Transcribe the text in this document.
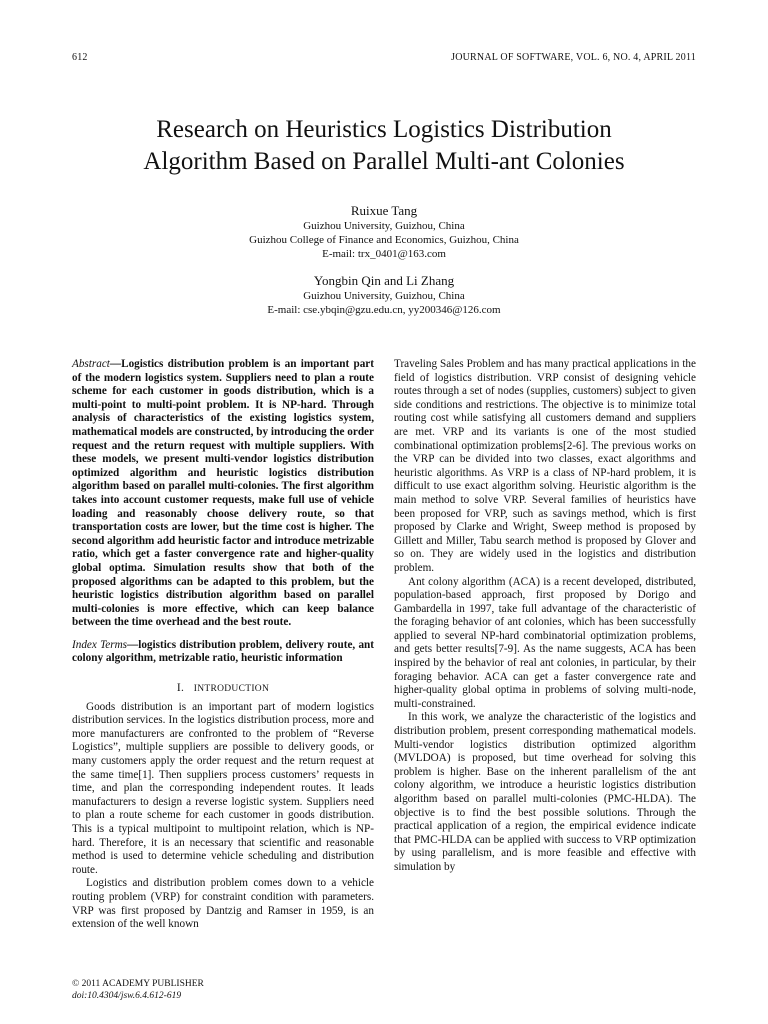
612	JOURNAL OF SOFTWARE, VOL. 6, NO. 4, APRIL 2011
Research on Heuristics Logistics Distribution
Algorithm Based on Parallel Multi-ant Colonies
Ruixue Tang
Guizhou University, Guizhou, China
Guizhou College of Finance and Economics, Guizhou, China
E-mail: trx_0401@163.com
Yongbin Qin and Li Zhang
Guizhou University, Guizhou, China
E-mail: cse.ybqin@gzu.edu.cn, yy200346@126.com
Abstract—Logistics distribution problem is an important part of the modern logistics system. Suppliers need to plan a route scheme for each customer in goods distribution, which is a multi-point to multi-point problem. It is NP-hard. Through analysis of characteristics of the existing logistics system, mathematical models are constructed, by introducing the order request and the return request with multiple suppliers. With these models, we present multi-vendor logistics distribution optimized algorithm and heuristic logistics distribution algorithm based on parallel multi-colonies. The first algorithm takes into account customer requests, make full use of vehicle loading and reasonably choose delivery route, so that transportation costs are lower, but the time cost is higher. The second algorithm add heuristic factor and introduce metrizable ratio, which get a faster convergence rate and higher-quality global optima. Simulation results show that both of the proposed algorithms can be adapted to this problem, but the heuristic logistics distribution algorithm based on parallel multi-colonies is more effective, which can keep balance between the time overhead and the best route.
Index Terms—logistics distribution problem, delivery route, ant colony algorithm, metrizable ratio, heuristic information
I. INTRODUCTION

Goods distribution is an important part of modern logistics distribution services. In the logistics distribution process, more and more manufacturers are confronted to the problem of “Reverse Logistics”, multiple suppliers are possible to delivery goods, or many customers apply the order request and the return request at the same time[1]. Then suppliers process customers’ requests in time, and plan the corresponding independent routes. It leads manufacturers to design a reverse logistic system. Suppliers need to plan a route scheme for each customer in goods distribution. This is a typical multipoint to multipoint relation, which is NP-hard. Therefore, it is an necessary that scientific and reasonable method is used to determine vehicle scheduling and distribution route.

Logistics and distribution problem comes down to a vehicle routing problem (VRP) for constraint condition with parameters. VRP was first proposed by Dantzig and Ramser in 1959, is an extension of the well known

Traveling Sales Problem and has many practical applications in the field of logistics distribution. VRP consist of designing vehicle routes through a set of nodes (supplies, customers) subject to given side conditions and restrictions. The objective is to minimize total routing cost while satisfying all customers demand and suppliers are met. VRP and its variants is one of the most studied combinational optimization problems[2-6]. The previous works on the VRP can be divided into two classes, exact algorithms and heuristic algorithms. As VRP is a class of NP-hard problem, it is difficult to use exact algorithm solving. Heuristic algorithm is the main method to solve VRP. Several families of heuristics have been proposed for VRP, such as savings method, which is first proposed by Clarke and Wright, Sweep method is proposed by Gillett and Miller, Tabu search method is proposed by Glover and so on. They are widely used in the logistics and distribution problem.

Ant colony algorithm (ACA) is a recent developed, distributed, population-based approach, first proposed by Dorigo and Gambardella in 1997, take full advantage of the characteristic of the foraging behavior of ant colonies, which has been successfully applied to several NP-hard combinatorial optimization problems, and gets better results[7-9]. As the name suggests, ACA has been inspired by the behavior of real ant colonies, in particular, by their foraging behavior. ACA can get a faster convergence rate and higher-quality global optima in problems of solving multi-node, multi-constrained.

In this work, we analyze the characteristic of the logistics and distribution problem, present corresponding mathematical models. Multi-vendor logistics distribution optimized algorithm (MVLDOA) is proposed, but time overhead for solving this problem is higher. Base on the inherent parallelism of the ant colony algorithm, we introduce a heuristic logistics distribution algorithm based on parallel multi-colonies (PMC-HLDA). The objective is to find the best possible solutions. Through the practical application of a region, the empirical evidence indicate that PMC-HLDA can be applied with success to VRP optimization by using parallelism, and is more feasible and effective with simulation by

© 2011 ACADEMY PUBLISHER
doi:10.4304/jsw.6.4.612-619
